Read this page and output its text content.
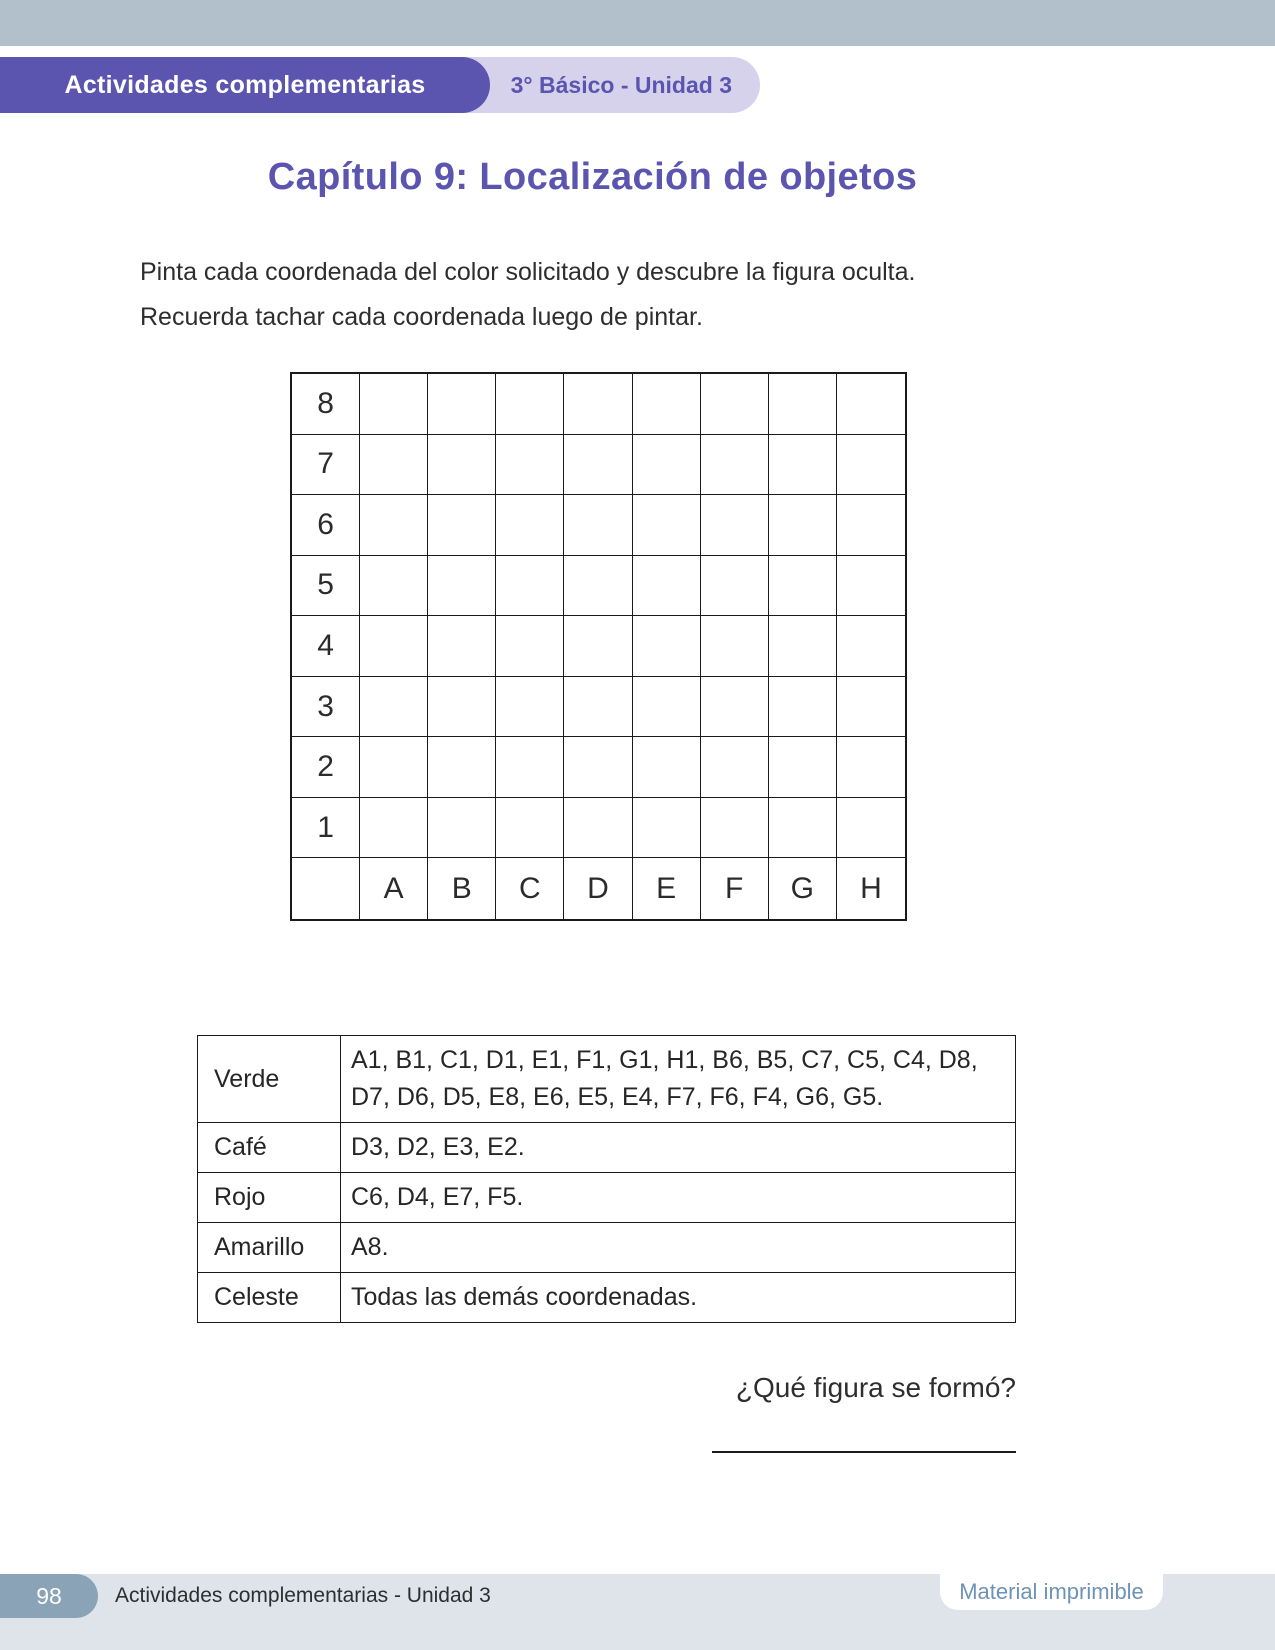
3° Básico - Unidad 3
Actividades complementarias
Capítulo 9: Localización de objetos
Pinta cada coordenada del color solicitado y descubre la figura oculta.
Recuerda tachar cada coordenada luego de pintar.
8
7
6
5
4
3
2
1
A	B	C	D	E	F	G	H
Verde	A1, B1, C1, D1, E1, F1, G1, H1, B6, B5, C7, C5, C4, D8, D7, D6, D5, E8, E6, E5, E4, F7, F6, F4, G6, G5.
Café	D3, D2, E3, E2.
Rojo	C6, D4, E7, F5.
Amarillo	A8.
Celeste	Todas las demás coordenadas.
¿Qué figura se formó?
98	Actividades complementarias - Unidad 3	Material imprimible
